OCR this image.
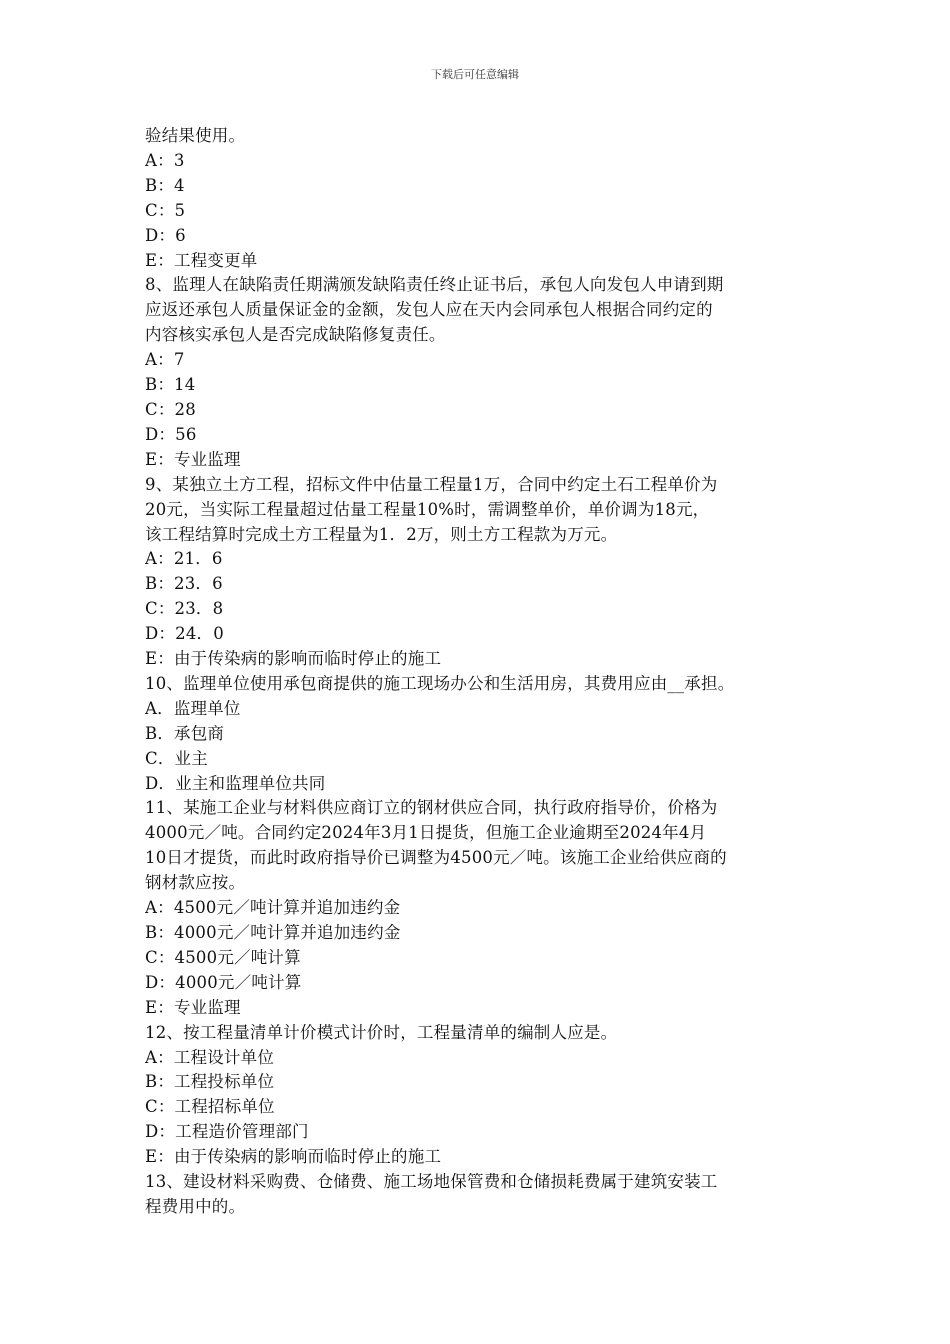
下载后可任意编辑
验结果使用。
A：3
B：4
C：5
D：6
E：工程变更单
8、监理人在缺陷责任期满颁发缺陷责任终止证书后，承包人向发包人申请到期
应返还承包人质量保证金的金额，发包人应在天内会同承包人根据合同约定的
内容核实承包人是否完成缺陷修复责任。
A：7
B：14
C：28
D：56
E：专业监理
9、某独立土方工程，招标文件中估量工程量1万，合同中约定土石工程单价为
20元，当实际工程量超过估量工程量10%时，需调整单价，单价调为18元，
该工程结算时完成土方工程量为1．2万，则土方工程款为万元。
A：21．6
B：23．6
C：23．8
D：24．0
E：由于传染病的影响而临时停止的施工
10、监理单位使用承包商提供的施工现场办公和生活用房，其费用应由__承担。
A．监理单位
B．承包商
C．业主
D．业主和监理单位共同
11、某施工企业与材料供应商订立的钢材供应合同，执行政府指导价，价格为
4000元／吨。合同约定2024年3月1日提货，但施工企业逾期至2024年4月
10日才提货，而此时政府指导价已调整为4500元／吨。该施工企业给供应商的
钢材款应按。
A：4500元／吨计算并追加违约金
B：4000元／吨计算并追加违约金
C：4500元／吨计算
D：4000元／吨计算
E：专业监理
12、按工程量清单计价模式计价时，工程量清单的编制人应是。
A：工程设计单位
B：工程投标单位
C：工程招标单位
D：工程造价管理部门
E：由于传染病的影响而临时停止的施工
13、建设材料采购费、仓储费、施工场地保管费和仓储损耗费属于建筑安装工
程费用中的。
